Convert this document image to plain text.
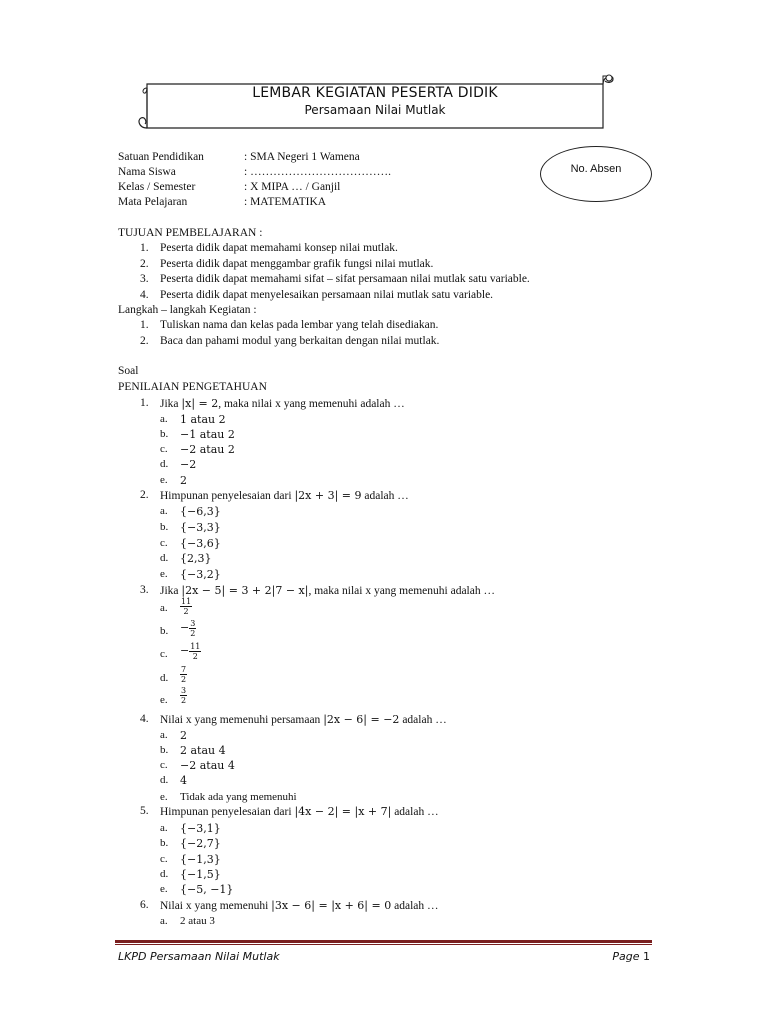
LEMBAR KEGIATAN PESERTA DIDIK
Persamaan Nilai Mutlak
Satuan Pendidikan	: SMA Negeri 1 Wamena
Nama Siswa	: ……………………………….
Kelas / Semester	: X MIPA … / Ganjil
Mata Pelajaran	: MATEMATIKA
No. Absen
TUJUAN PEMBELAJARAN :
1. Peserta didik dapat memahami konsep nilai mutlak.
2. Peserta didik dapat menggambar grafik fungsi nilai mutlak.
3. Peserta didik dapat memahami sifat – sifat persamaan nilai mutlak satu variable.
4. Peserta didik dapat menyelesaikan persamaan nilai mutlak satu variable.
Langkah – langkah Kegiatan :
1. Tuliskan nama dan kelas pada lembar yang telah disediakan.
2. Baca dan pahami modul yang berkaitan dengan nilai mutlak.
Soal
PENILAIAN PENGETAHUAN
1. Jika |x| = 2, maka nilai x yang memenuhi adalah …
a. 1 atau 2
b. −1 atau 2
c. −2 atau 2
d. −2
e. 2
2. Himpunan penyelesaian dari |2x + 3| = 9 adalah …
a. {−6,3}
b. {−3,3}
c. {−3,6}
d. {2,3}
e. {−3,2}
3. Jika |2x − 5| = 3 + 2|7 − x|, maka nilai x yang memenuhi adalah …
a. $\frac{11}{2}$
b. − $\frac{3}{2}$
c. − $\frac{11}{2}$
d. $\frac{7}{2}$
e. $\frac{3}{2}$
4. Nilai x yang memenuhi persamaan |2x − 6| = −2 adalah …
a. 2
b. 2 atau 4
c. −2 atau 4
d. 4
e. Tidak ada yang memenuhi
5. Himpunan penyelesaian dari |4x − 2| = |x + 7| adalah …
a. {−3,1}
b. {−2,7}
c. {−1,3}
d. {−1,5}
e. {−5, −1}
6. Nilai x yang memenuhi |3x − 6| = |x + 6| = 0 adalah …
a. 2 atau 3
LKPD Persamaan Nilai Mutlak	Page 1
